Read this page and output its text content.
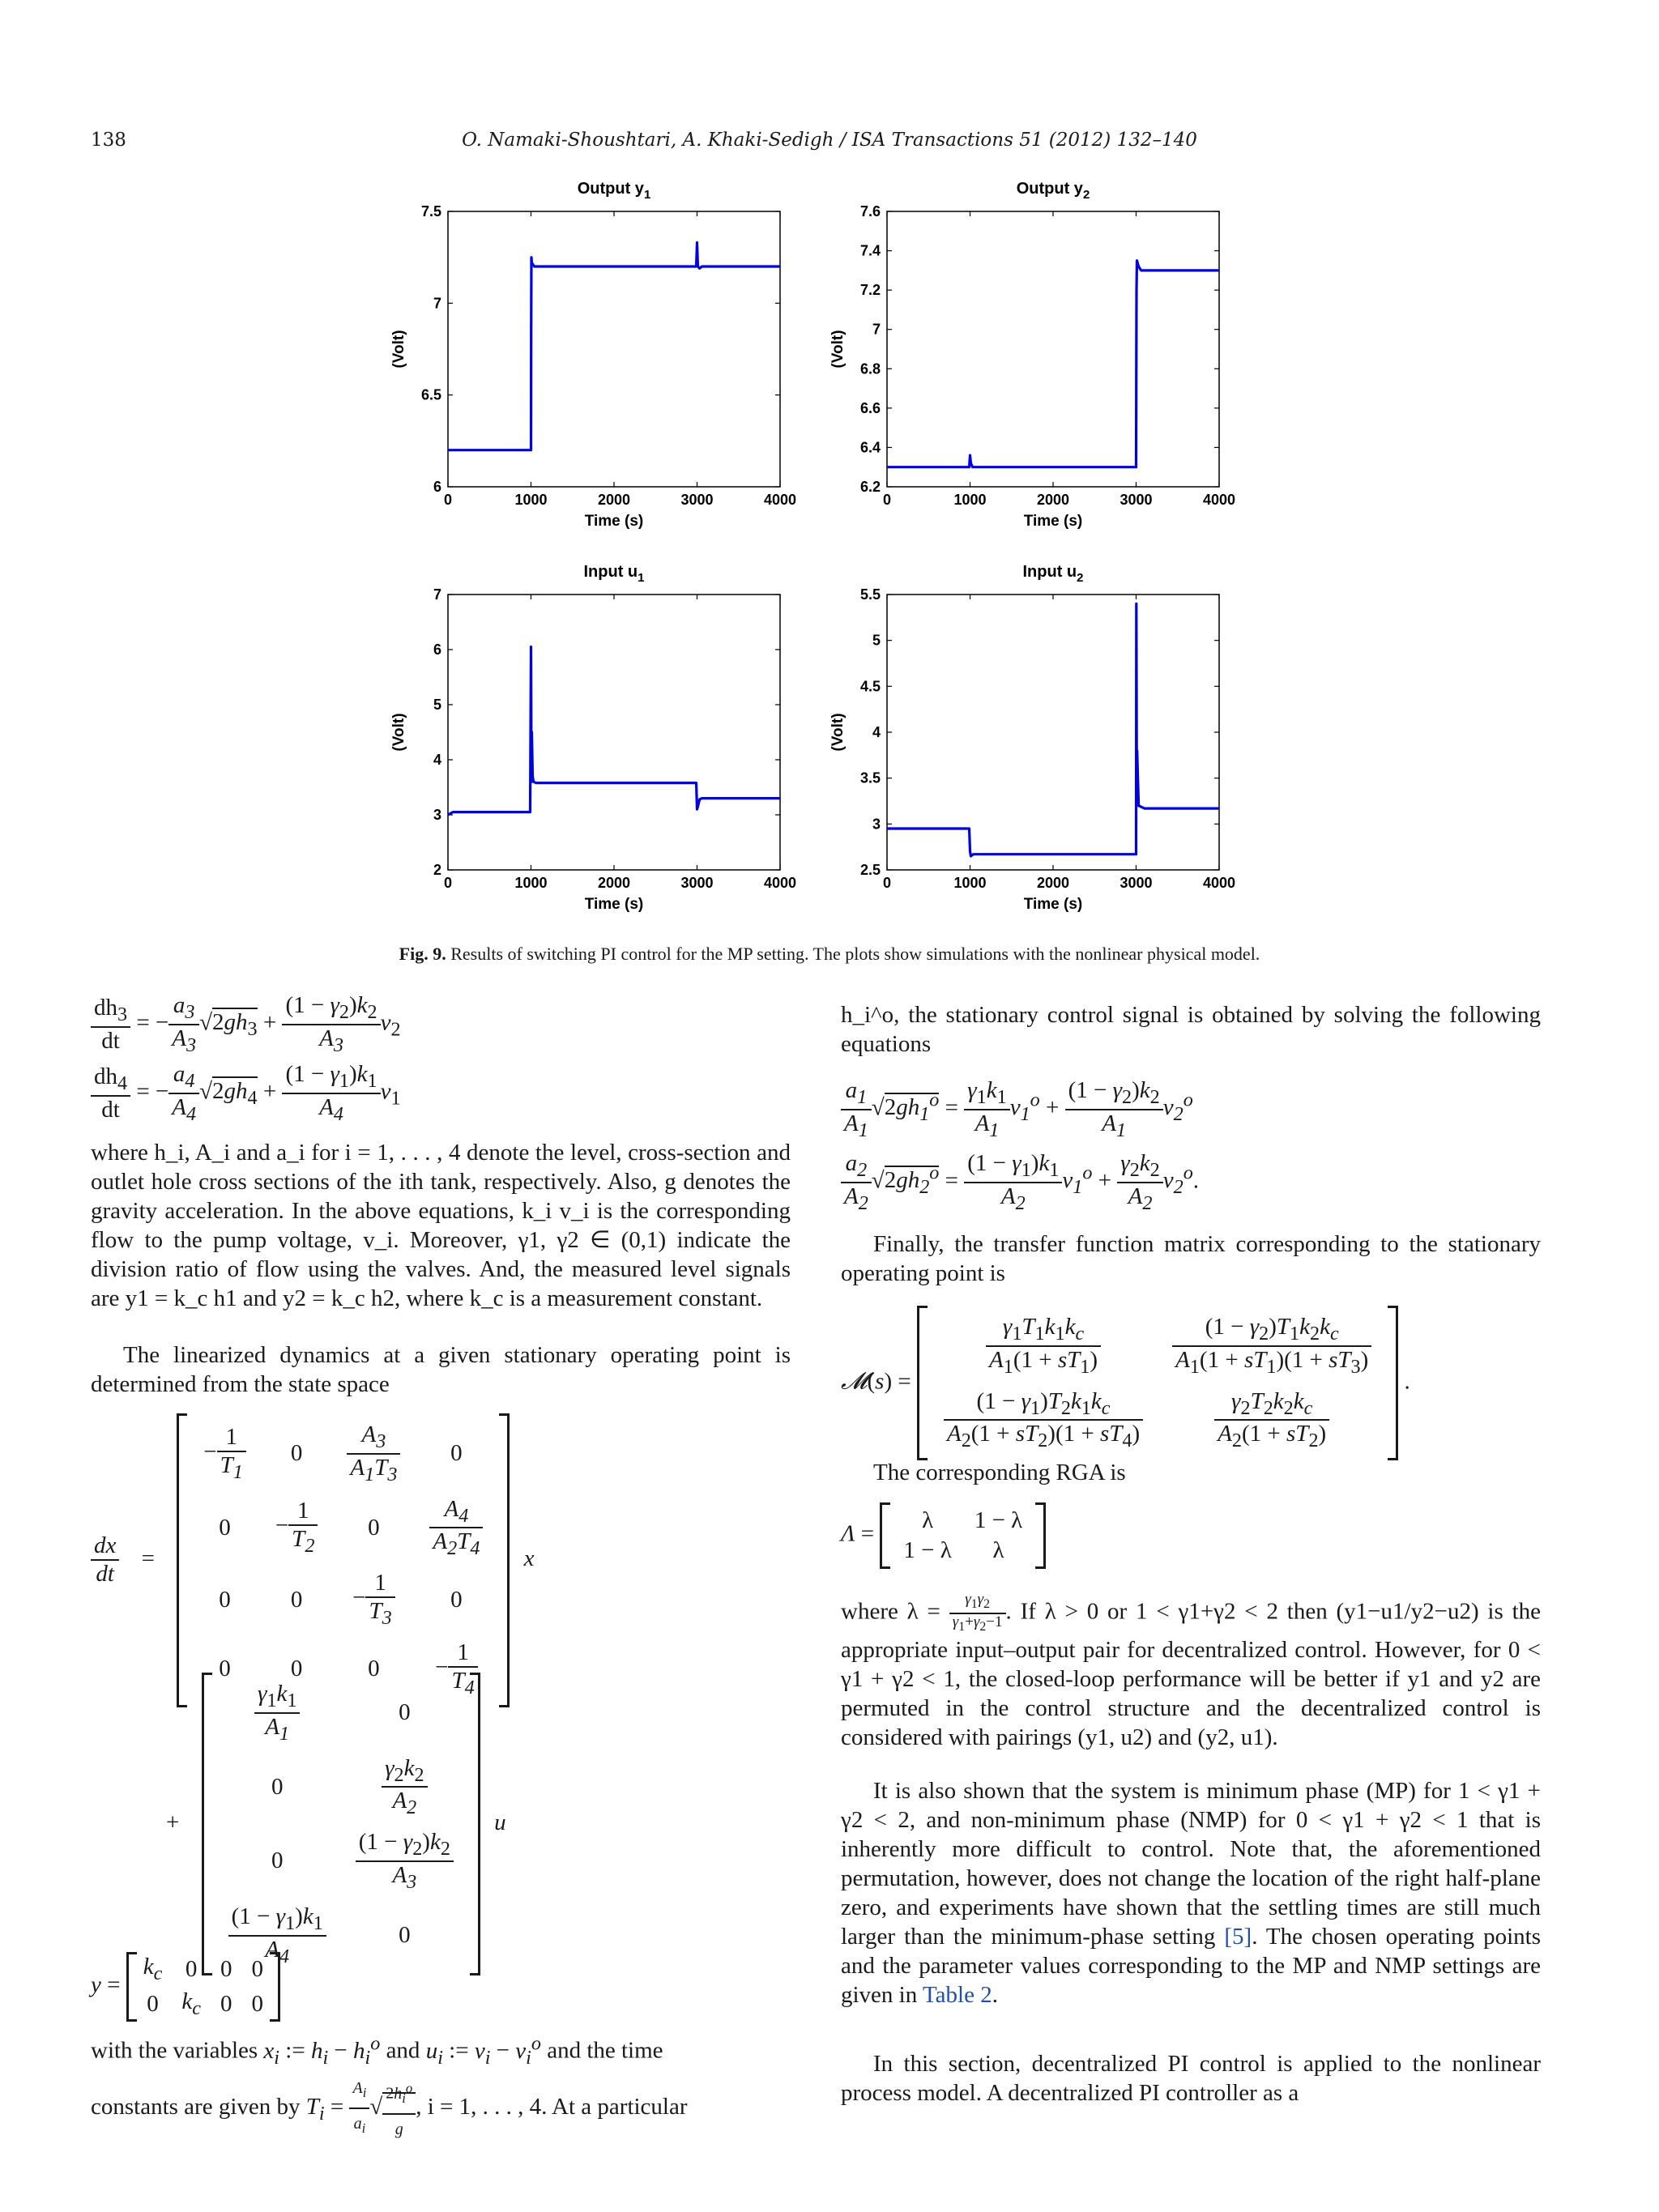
138	O. Namaki-Shoushtari, A. Khaki-Sedigh / ISA Transactions 51 (2012) 132–140
Output $y_1$
0	1000	2000	3000	4000
6
6.5
7
7.5
Time (s)
(Volt)
Output $y_2$
0	1000	2000	3000	4000
6.2
6.4
6.6
6.8
7
7.2
7.4
7.6
Time (s)
(Volt)
Input $u_1$
0	1000	2000	3000	4000
2
3
4
5
6
7
Time (s)
(Volt)
Input $u_2$
0	1000	2000	3000	4000
2.5
3
3.5
4
4.5
5
5.5
Time (s)
(Volt)
Fig. 9. Results of switching PI control for the MP setting. The plots show simulations with the nonlinear physical model.
$\frac{dh_3}{dt}$ = − $\frac{a_3}{A_3} √2gh_3 + \frac{(1 - \gamma_2)k_2}{A_3} v_2$
$\frac{dh_4}{dt}$ = − $\frac{a_4}{A_4} √2gh_4 + \frac{(1 - \gamma_1)k_1}{A_4} v_1$
where h_i, A_i and a_i for i = 1, . . . , 4 denote the level, cross-section and outlet hole cross sections of the ith tank, respectively. Also, g denotes the gravity acceleration. In the above equations, k_i v_i is the corresponding flow to the pump voltage, v_i. Moreover, γ1, γ2 ∈ (0,1) indicate the division ratio of flow using the valves. And, the measured level signals are y1 = k_c h1 and y2 = k_c h2, where k_c is a measurement constant.
The linearized dynamics at a given stationary operating point is determined from the state space
$\frac{dx}{dt}$ =
− $\frac{1}{T_1}$	0	$\frac{A_3}{A_1T_3}$	0
0	− $\frac{1}{T_2}$	0	$\frac{A_4}{A_2T_4}$

0	0	− $\frac{1}{T_3}$	0
0	0	0	− $\frac{1}{T_4}$
x
+
$\frac{\gamma_1k_1}{A_1}$	0
0	$\frac{\gamma_2k_2}{A_2}$

0	$\frac{(1 - \gamma_2)k_2}{A_3}$

$\frac{(1 - \gamma_1)k_1}{A_4}$	0
u
y =
$k_c$	0	0	0
0	$k_c$	0	0
with the variables $x_i$ := $h_i - h_i^o$ and $u_i$ := $v_i - v_i^o$ and the time
constants are given by $T_i = \frac{A_i}{a_i}$ √ $\frac{2h_i^o}{g}$ , i = 1, . . . , 4. At a particular
h_i^o, the stationary control signal is obtained by solving the following equations
$\frac{a_1}{A_1} √2gh_1^o = \frac{\gamma_1k_1}{A_1} v_1^o + \frac{(1 - \gamma_2)k_2}{A_1} v_2^o$
$\frac{a_2}{A_2} √2gh_2^o = \frac{(1 - \gamma_1)k_1}{A_2} v_1^o + \frac{\gamma_2k_2}{A_2} v_2^o$.
Finally, the transfer function matrix corresponding to the stationary operating point is
𝓜(s) =
$\frac{\gamma_1T_1k_1k_c}{A_1(1 + sT_1)}$	$\frac{(1 - \gamma_2)T_1k_2k_c}{A_1(1 + sT_1)(1 + sT_3)}$

$\frac{(1 - \gamma_1)T_2k_1k_c}{A_2(1 + sT_2)(1 + sT_4)}$	$\frac{\gamma_2T_2k_2k_c}{A_2(1 + sT_2)}$
.
The corresponding RGA is
Λ =
λ	1 − λ
1 − λ	λ
where $\lambda = \frac{\gamma_1\gamma_2}{\gamma_1+\gamma_2-1}$ . If λ > 0 or 1 < γ1+γ2 < 2 then (y1−u1/y2−u2) is the appropriate input–output pair for decentralized control. However, for 0 < γ1 + γ2 < 1, the closed-loop performance will be better if y1 and y2 are permuted in the control structure and the decentralized control is considered with pairings (y1, u2) and (y2, u1).
It is also shown that the system is minimum phase (MP) for 1 < γ1 + γ2 < 2, and non-minimum phase (NMP) for 0 < γ1 + γ2 < 1 that is inherently more difficult to control. Note that, the aforementioned permutation, however, does not change the location of the right half-plane zero, and experiments have shown that the settling times are still much larger than the minimum-phase setting [5]. The chosen operating points and the parameter values corresponding to the MP and NMP settings are given in Table 2.
In this section, decentralized PI control is applied to the nonlinear process model. A decentralized PI controller as a
